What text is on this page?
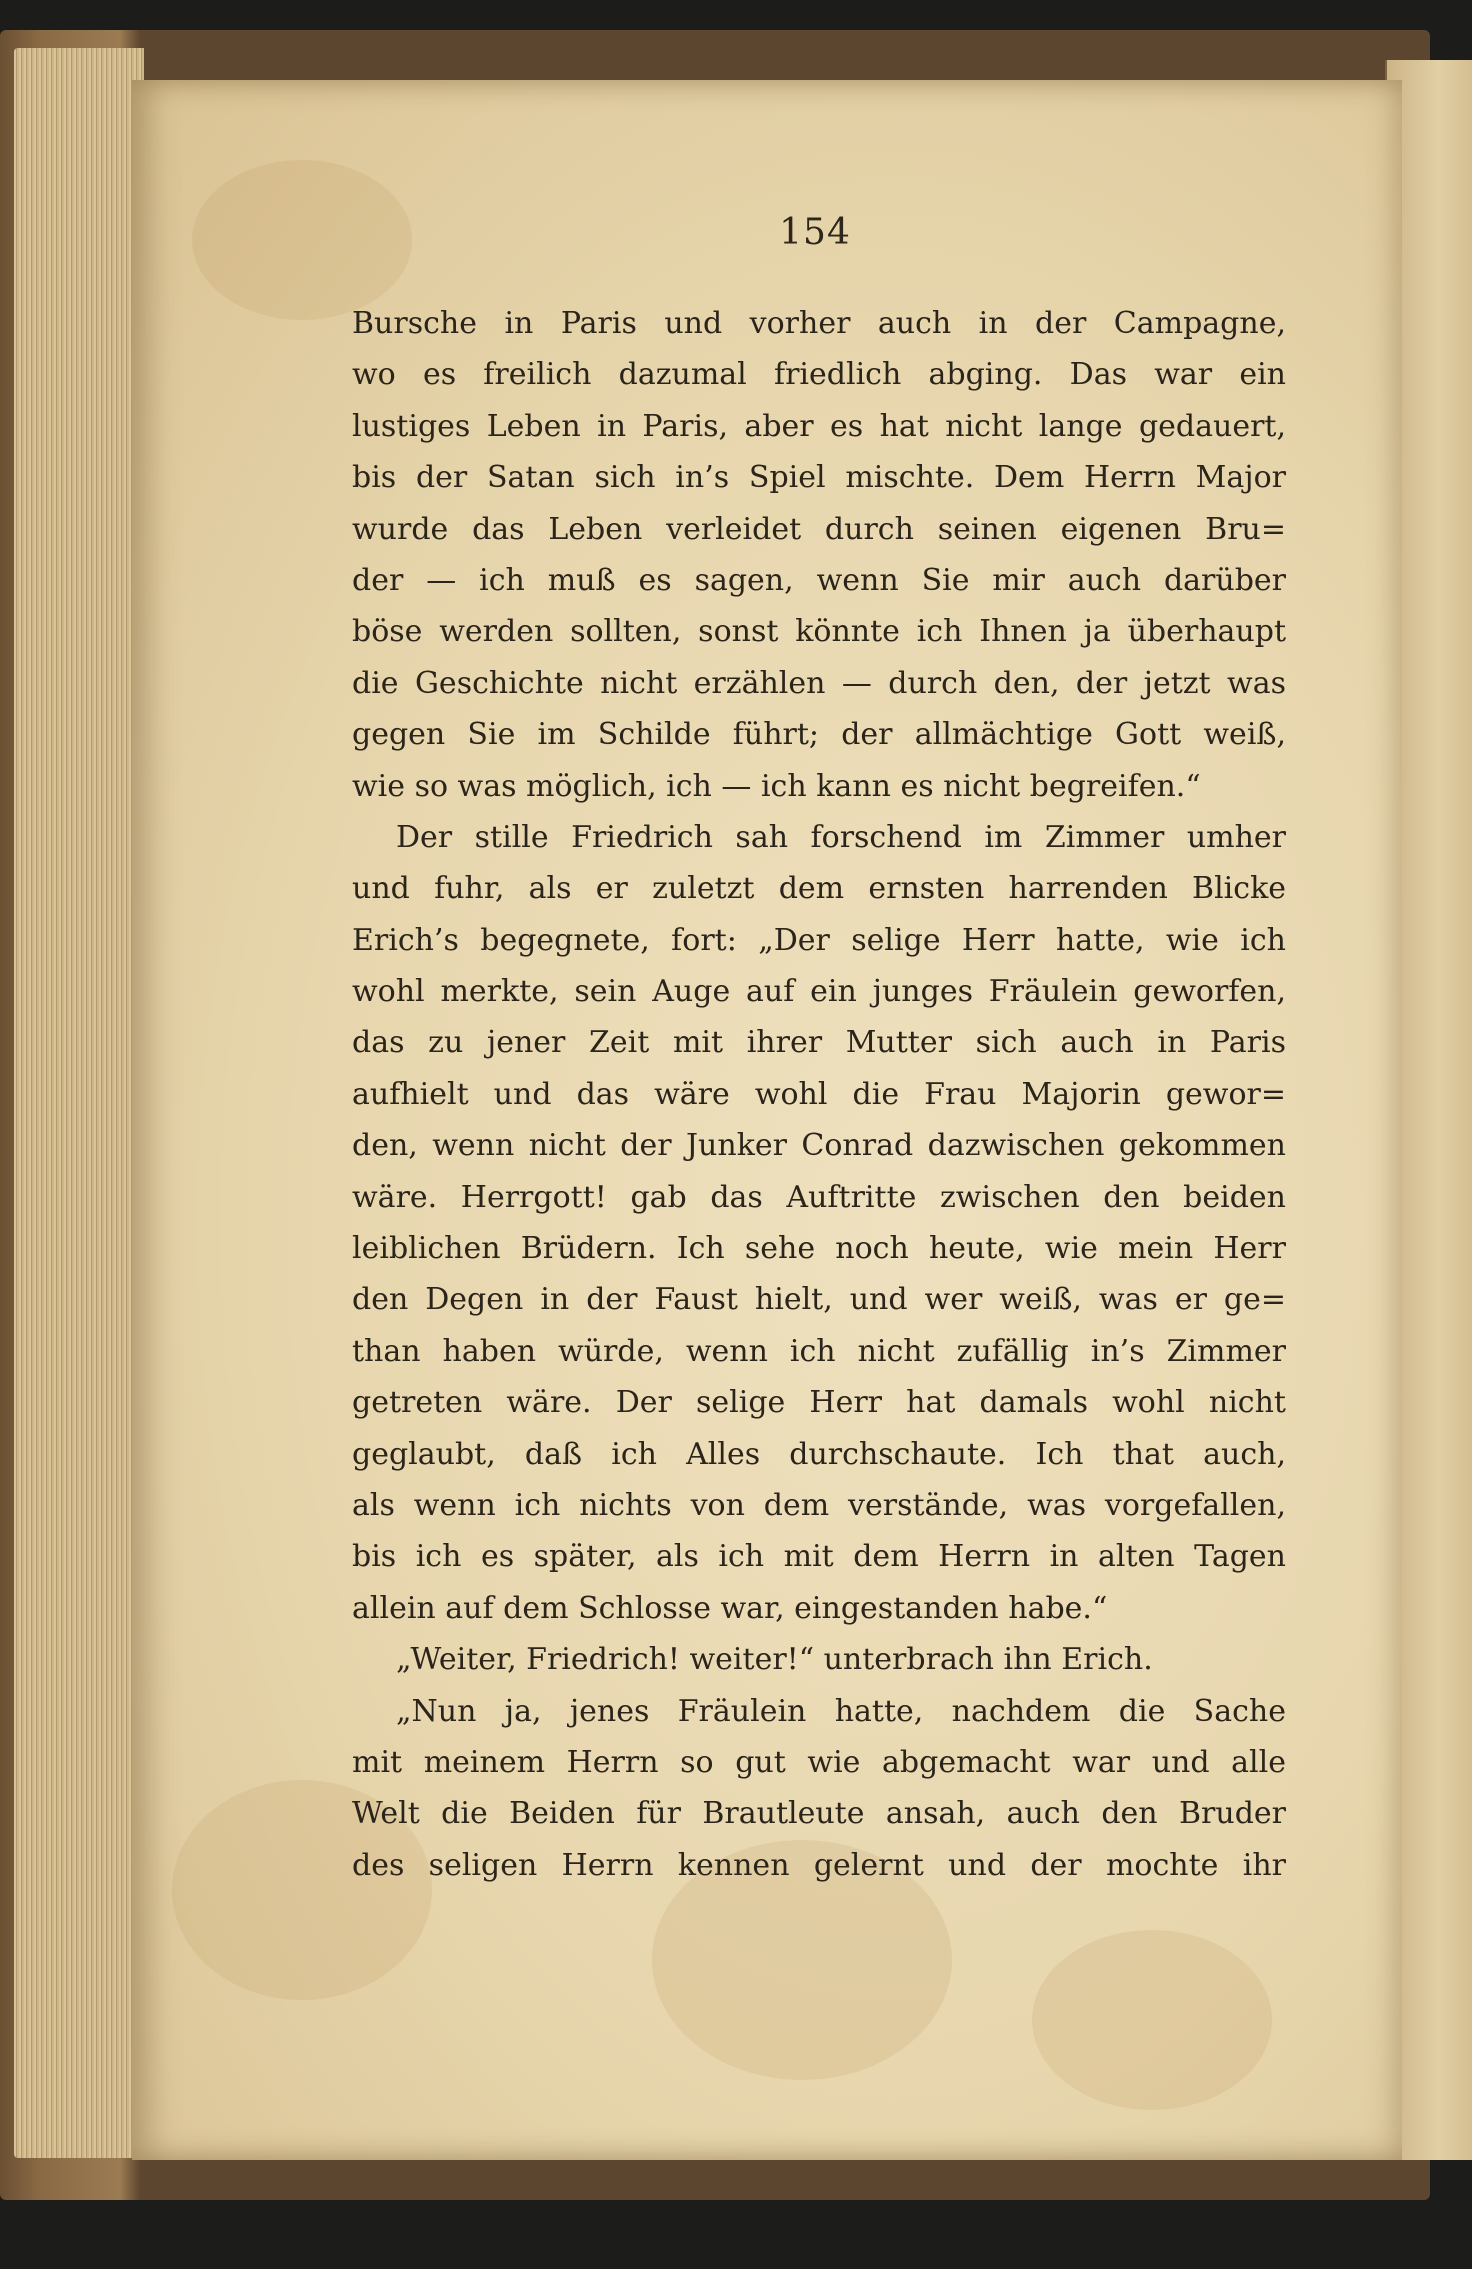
154
Bursche in Paris und vorher auch in der Campagne,
wo es freilich dazumal friedlich abging. Das war ein
lustiges Leben in Paris, aber es hat nicht lange gedauert,
bis der Satan sich in’s Spiel mischte. Dem Herrn Major
wurde das Leben verleidet durch seinen eigenen Bru=
der — ich muß es sagen, wenn Sie mir auch darüber
böse werden sollten, sonst könnte ich Ihnen ja überhaupt
die Geschichte nicht erzählen — durch den, der jetzt was
gegen Sie im Schilde führt; der allmächtige Gott weiß,
wie so was möglich, ich — ich kann es nicht begreifen.“
Der stille Friedrich sah forschend im Zimmer umher
und fuhr, als er zuletzt dem ernsten harrenden Blicke
Erich’s begegnete, fort: „Der selige Herr hatte, wie ich
wohl merkte, sein Auge auf ein junges Fräulein geworfen,
das zu jener Zeit mit ihrer Mutter sich auch in Paris
aufhielt und das wäre wohl die Frau Majorin gewor=
den, wenn nicht der Junker Conrad dazwischen gekommen
wäre. Herrgott! gab das Auftritte zwischen den beiden
leiblichen Brüdern. Ich sehe noch heute, wie mein Herr
den Degen in der Faust hielt, und wer weiß, was er ge=
than haben würde, wenn ich nicht zufällig in’s Zimmer
getreten wäre. Der selige Herr hat damals wohl nicht
geglaubt, daß ich Alles durchschaute. Ich that auch,
als wenn ich nichts von dem verstände, was vorgefallen,
bis ich es später, als ich mit dem Herrn in alten Tagen
allein auf dem Schlosse war, eingestanden habe.“
„Weiter, Friedrich! weiter!“ unterbrach ihn Erich.
„Nun ja, jenes Fräulein hatte, nachdem die Sache
mit meinem Herrn so gut wie abgemacht war und alle
Welt die Beiden für Brautleute ansah, auch den Bruder
des seligen Herrn kennen gelernt und der mochte ihr
